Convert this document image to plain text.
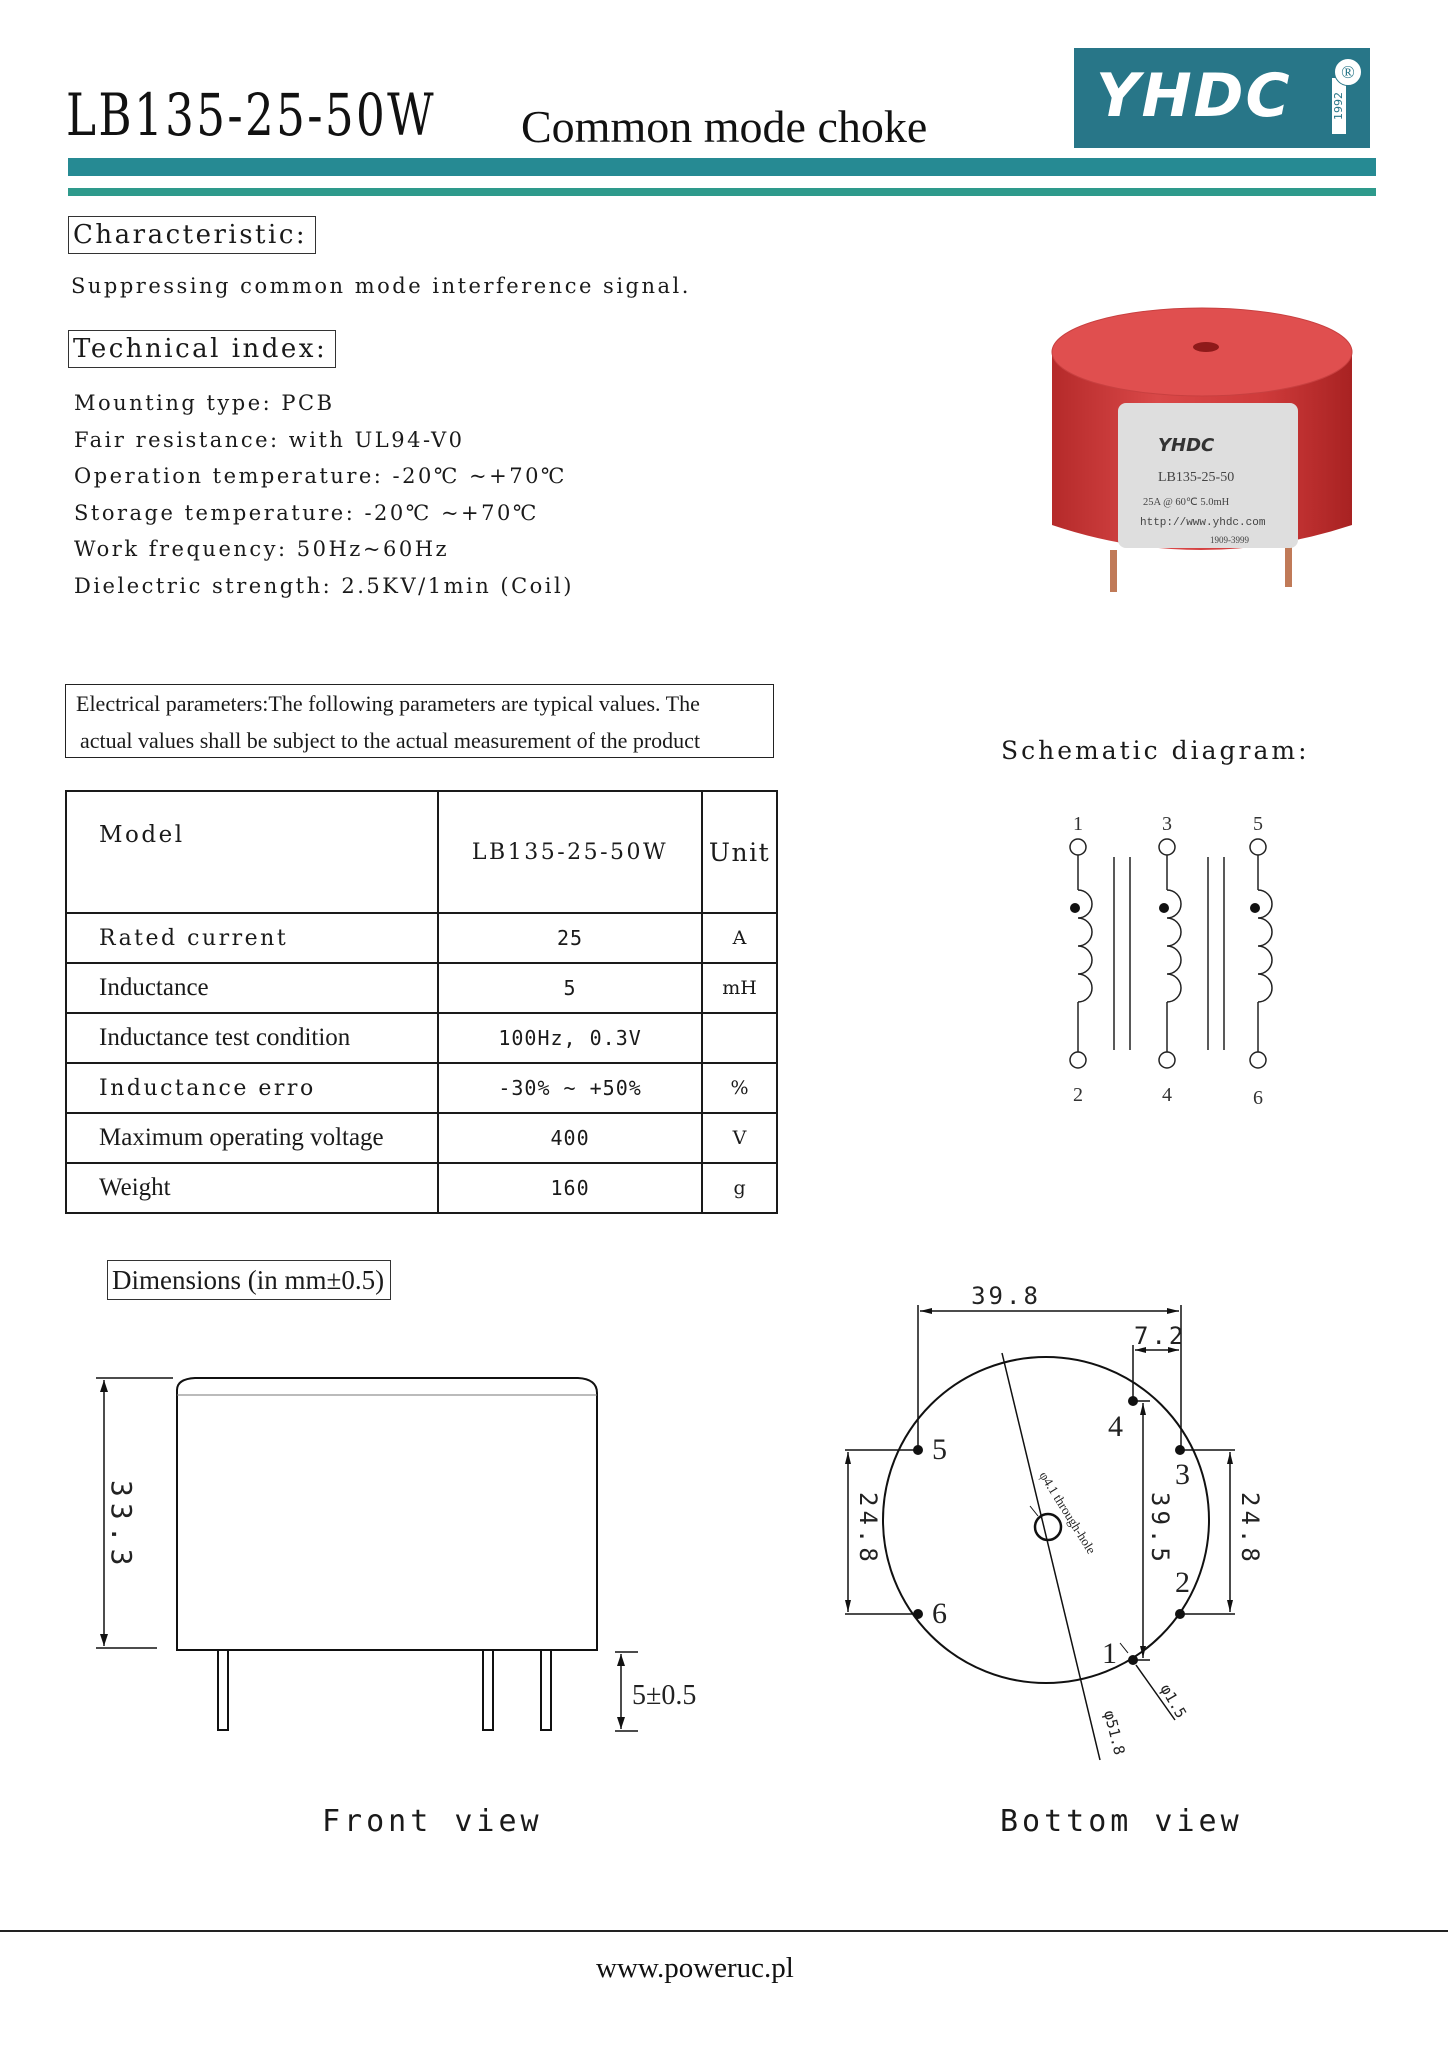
LB135-25-50W Common mode choke	YHDC	1992
®
Characteristic:
Suppressing common mode interference signal.
Technical index:
Mounting type: PCB
Fair resistance: with UL94-V0
Operation temperature: -20℃ ~+70℃
Storage temperature: -20℃ ~+70℃
Work frequency: 50Hz~60Hz
Dielectric strength: 2.5KV/1min (Coil)
YHDC
LB135-25-50
25A @ 60℃ 5.0mH
http://www.yhdc.com
1909-3999
Electrical parameters:The following parameters are typical values. The
actual values shall be subject to the actual measurement of the product
Model	LB135-25-50W	Unit
Rated current	25	A
Inductance	5	mH
Inductance test condition	100Hz, 0.3V	
Inductance erro	-30% ~ +50%	%
Maximum operating voltage	400	V
Weight	160	g
Schematic diagram:
1	3	5
2	4	6
Dimensions (in mm±0.5)
33.3
5±0.5
39.8
7.2
24.8	24.8
39.5
φ4.1 through-hole
φ51.8
φ1.5
1
2
3
4
5
6
Front view	Bottom view
www.poweruc.pl
